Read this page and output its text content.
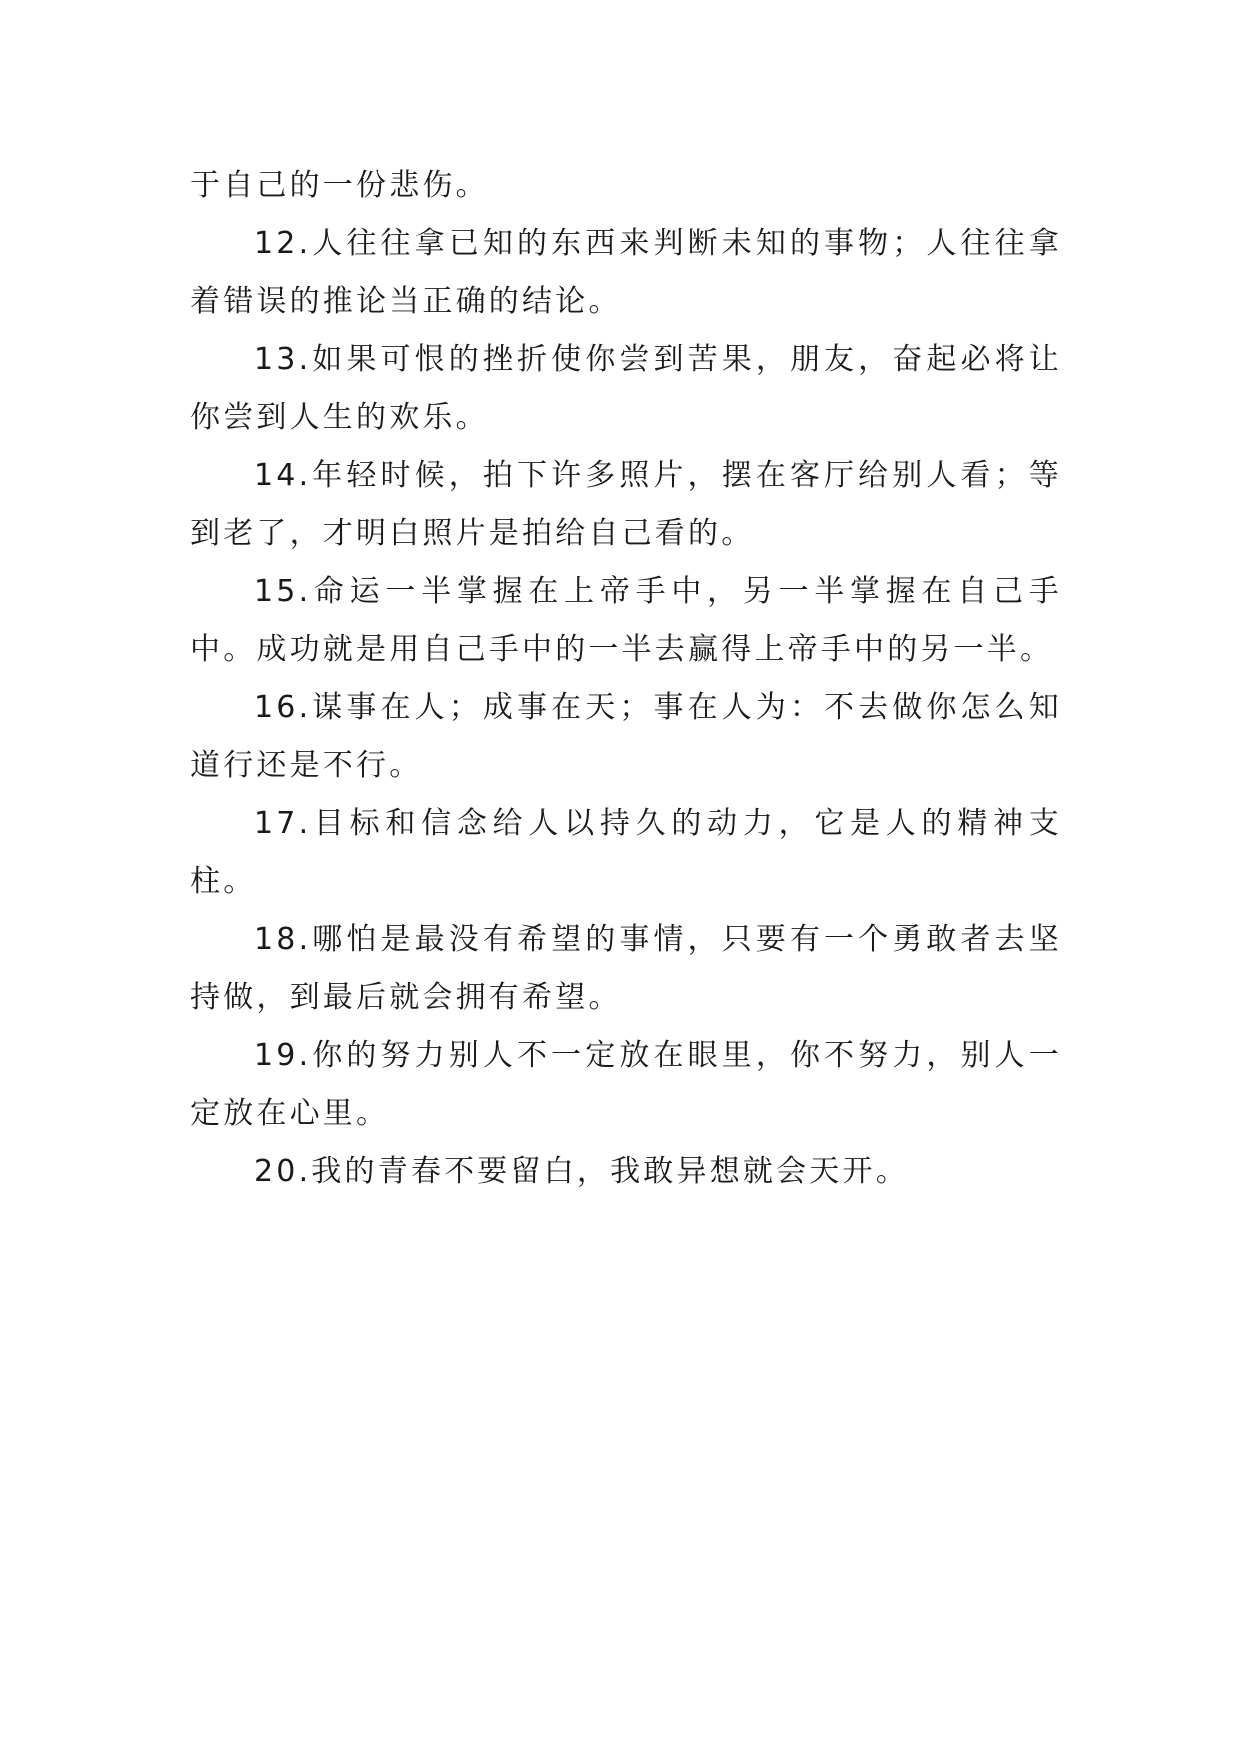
于自己的一份悲伤。

12.人往往拿已知的东西来判断未知的事物；人往往拿着错误的推论当正确的结论。

13.如果可恨的挫折使你尝到苦果，朋友，奋起必将让你尝到人生的欢乐。

14.年轻时候，拍下许多照片，摆在客厅给别人看；等到老了，才明白照片是拍给自己看的。

15.命运一半掌握在上帝手中，另一半掌握在自己手中。成功就是用自己手中的一半去赢得上帝手中的另一半。

16.谋事在人；成事在天；事在人为：不去做你怎么知道行还是不行。

17.目标和信念给人以持久的动力，它是人的精神支柱。

18.哪怕是最没有希望的事情，只要有一个勇敢者去坚持做，到最后就会拥有希望。

19.你的努力别人不一定放在眼里，你不努力，别人一定放在心里。

20.我的青春不要留白，我敢异想就会天开。
